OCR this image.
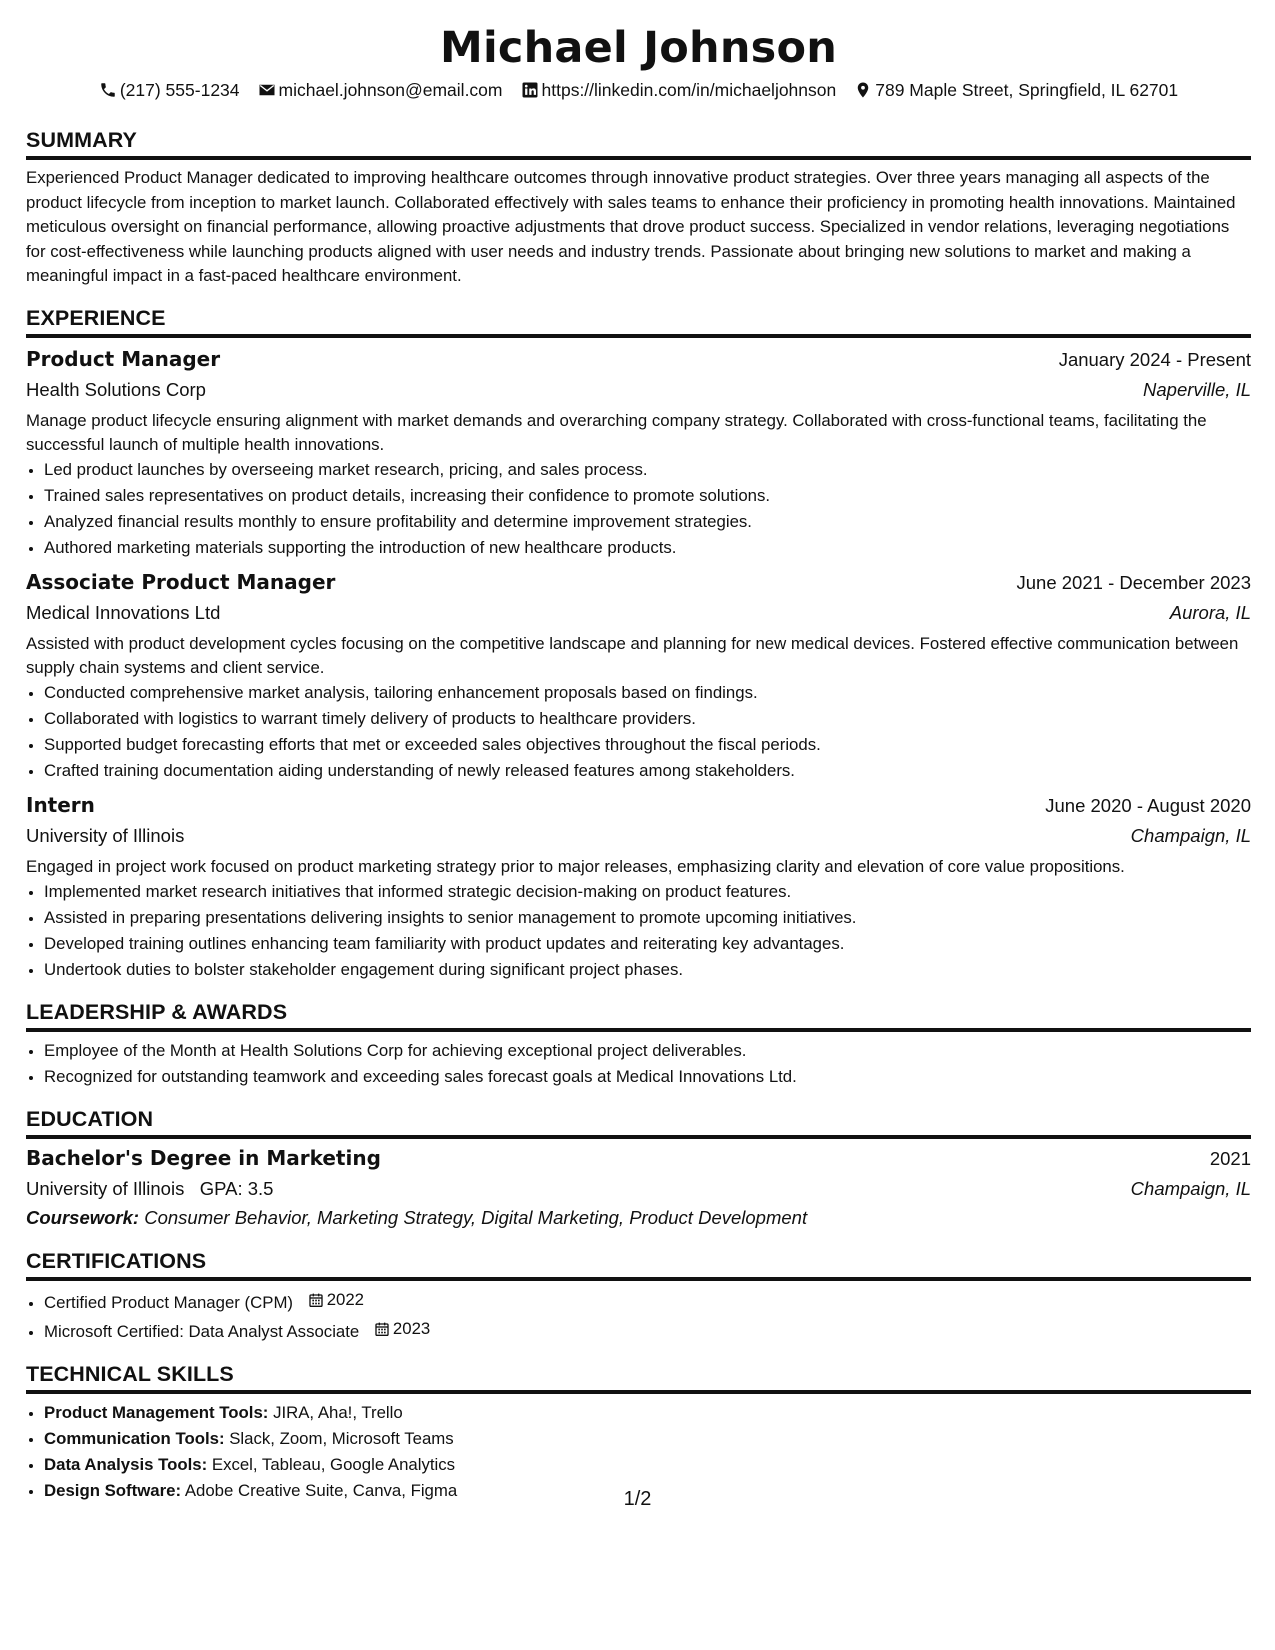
Michael Johnson
(217) 555-1234 michael.johnson@email.com https://linkedin.com/in/michaeljohnson 789 Maple Street, Springfield, IL 62701
SUMMARY
Experienced Product Manager dedicated to improving healthcare outcomes through innovative product strategies. Over three years managing all aspects of the product lifecycle from inception to market launch. Collaborated effectively with sales teams to enhance their proficiency in promoting health innovations. Maintained meticulous oversight on financial performance, allowing proactive adjustments that drove product success. Specialized in vendor relations, leveraging negotiations for cost-effectiveness while launching products aligned with user needs and industry trends. Passionate about bringing new solutions to market and making a meaningful impact in a fast-paced healthcare environment.
EXPERIENCE
Product Manager	January 2024 - Present
Health Solutions Corp	Naperville, IL
Manage product lifecycle ensuring alignment with market demands and overarching company strategy. Collaborated with cross-functional teams, facilitating the successful launch of multiple health innovations.
• Led product launches by overseeing market research, pricing, and sales process.
• Trained sales representatives on product details, increasing their confidence to promote solutions.
• Analyzed financial results monthly to ensure profitability and determine improvement strategies.
• Authored marketing materials supporting the introduction of new healthcare products.
Associate Product Manager	June 2021 - December 2023
Medical Innovations Ltd	Aurora, IL
Assisted with product development cycles focusing on the competitive landscape and planning for new medical devices. Fostered effective communication between supply chain systems and client service.
• Conducted comprehensive market analysis, tailoring enhancement proposals based on findings.
• Collaborated with logistics to warrant timely delivery of products to healthcare providers.
• Supported budget forecasting efforts that met or exceeded sales objectives throughout the fiscal periods.
• Crafted training documentation aiding understanding of newly released features among stakeholders.
Intern	June 2020 - August 2020
University of Illinois	Champaign, IL
Engaged in project work focused on product marketing strategy prior to major releases, emphasizing clarity and elevation of core value propositions.
• Implemented market research initiatives that informed strategic decision-making on product features.
• Assisted in preparing presentations delivering insights to senior management to promote upcoming initiatives.
• Developed training outlines enhancing team familiarity with product updates and reiterating key advantages.
• Undertook duties to bolster stakeholder engagement during significant project phases.
LEADERSHIP & AWARDS
• Employee of the Month at Health Solutions Corp for achieving exceptional project deliverables.
• Recognized for outstanding teamwork and exceeding sales forecast goals at Medical Innovations Ltd.
EDUCATION
Bachelor's Degree in Marketing	2021
University of Illinois GPA: 3.5	Champaign, IL
Coursework: Consumer Behavior, Marketing Strategy, Digital Marketing, Product Development
CERTIFICATIONS
• Certified Product Manager (CPM) 2022
• Microsoft Certified: Data Analyst Associate 2023
TECHNICAL SKILLS
• Product Management Tools: JIRA, Aha!, Trello
• Communication Tools: Slack, Zoom, Microsoft Teams
• Data Analysis Tools: Excel, Tableau, Google Analytics
• Design Software: Adobe Creative Suite, Canva, Figma	1/2
